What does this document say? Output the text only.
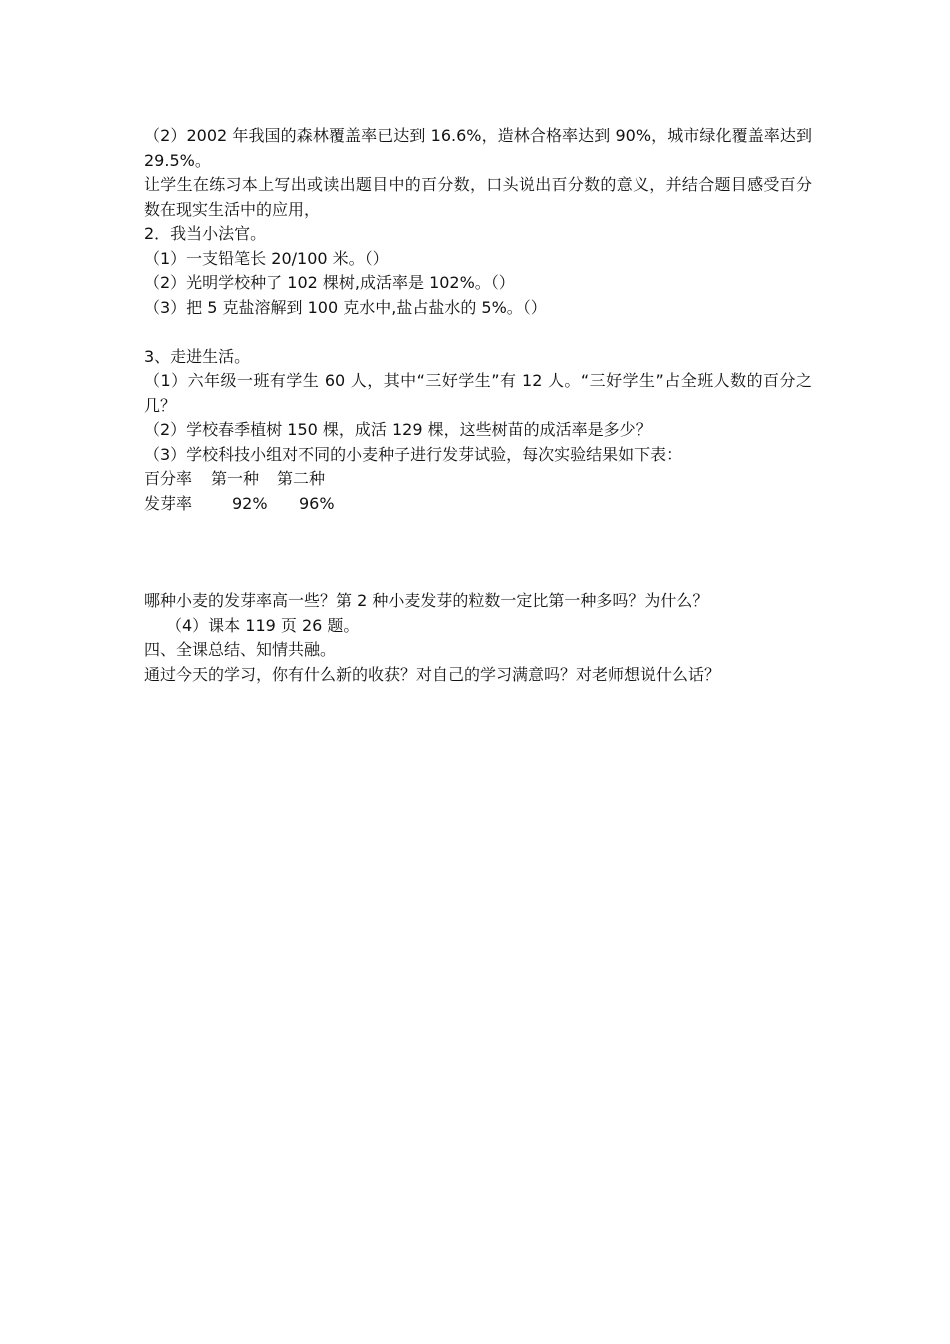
（2）2002 年我国的森林覆盖率已达到 16.6%，造林合格率达到 90%，城市绿化覆盖率达到 29.5%。
让学生在练习本上写出或读出题目中的百分数，口头说出百分数的意义，并结合题目感受百分数在现实生活中的应用，
2．我当小法官。
（1）一支铅笔长 20/100 米。（）
（2）光明学校种了 102 棵树,成活率是 102%。（）
（3）把 5 克盐溶解到 100 克水中,盐占盐水的 5%。（）
3、走进生活。
（1）六年级一班有学生 60 人，其中“三好学生”有 12 人。“三好学生”占全班人数的百分之几？
（2）学校春季植树 150 棵，成活 129 棵，这些树苗的成活率是多少？
（3）学校科技小组对不同的小麦种子进行发芽试验，每次实验结果如下表：
百分率 第一种 第二种
发芽率 92% 96%
哪种小麦的发芽率高一些？第 2 种小麦发芽的粒数一定比第一种多吗？为什么？
（4）课本 119 页 26 题。
四、全课总结、知情共融。
通过今天的学习，你有什么新的收获？对自己的学习满意吗？对老师想说什么话？
